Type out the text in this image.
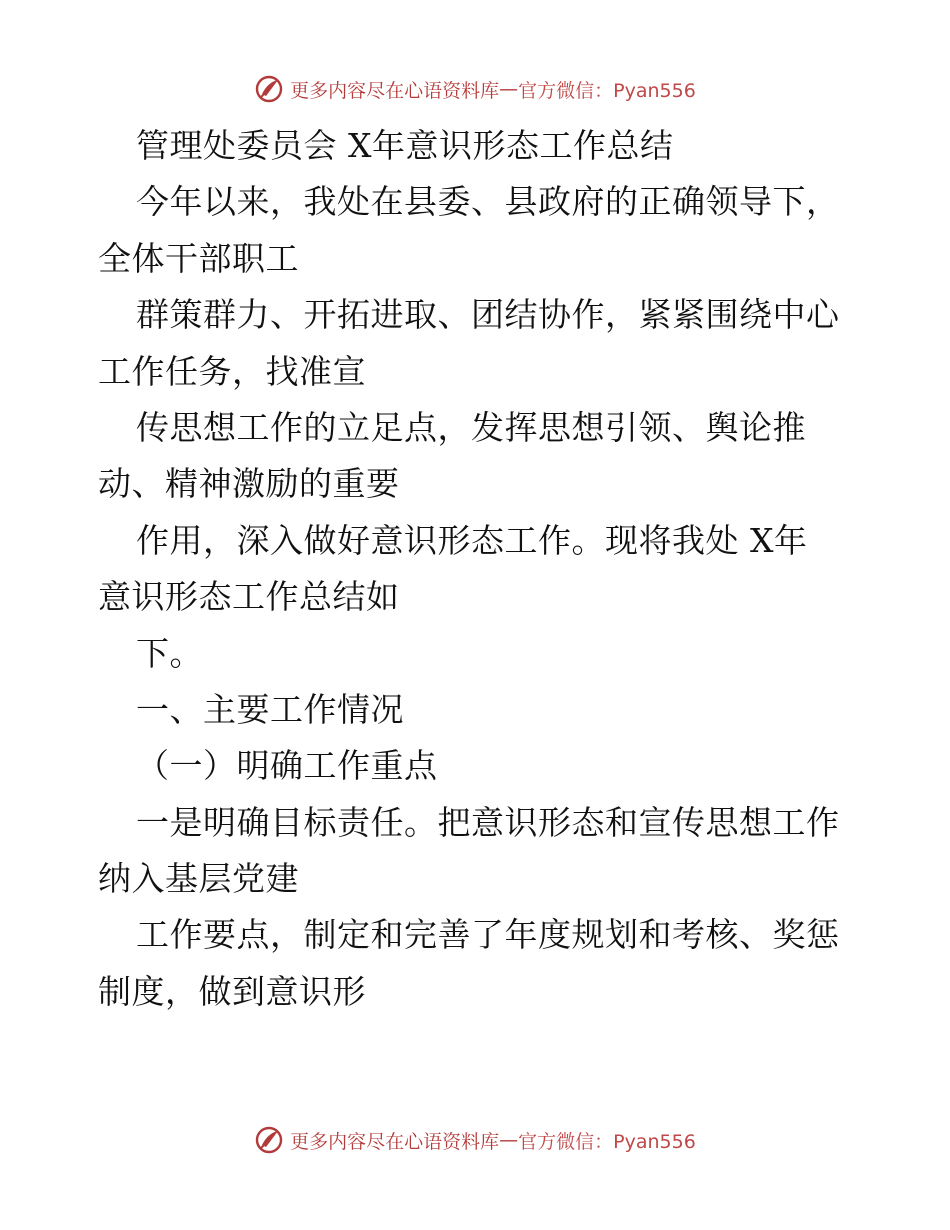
更多内容尽在心语资料库 — 官方微信：Pyan556
管理处委员会 X年意识形态工作总结
今年以来，我处在县委、县政府的正确领导下，
全体干部职工
群策群力、开拓进取、团结协作，紧紧围绕中心
工作任务，找准宣
传思想工作的立足点，发挥思想引领、舆论推
动、精神激励的重要
作用，深入做好意识形态工作。现将我处 X年
意识形态工作总结如
下。
一、主要工作情况
（一）明确工作重点
一是明确目标责任。把意识形态和宣传思想工作
纳入基层党建
工作要点，制定和完善了年度规划和考核、奖惩
制度，做到意识形
更多内容尽在心语资料库 — 官方微信：Pyan556
